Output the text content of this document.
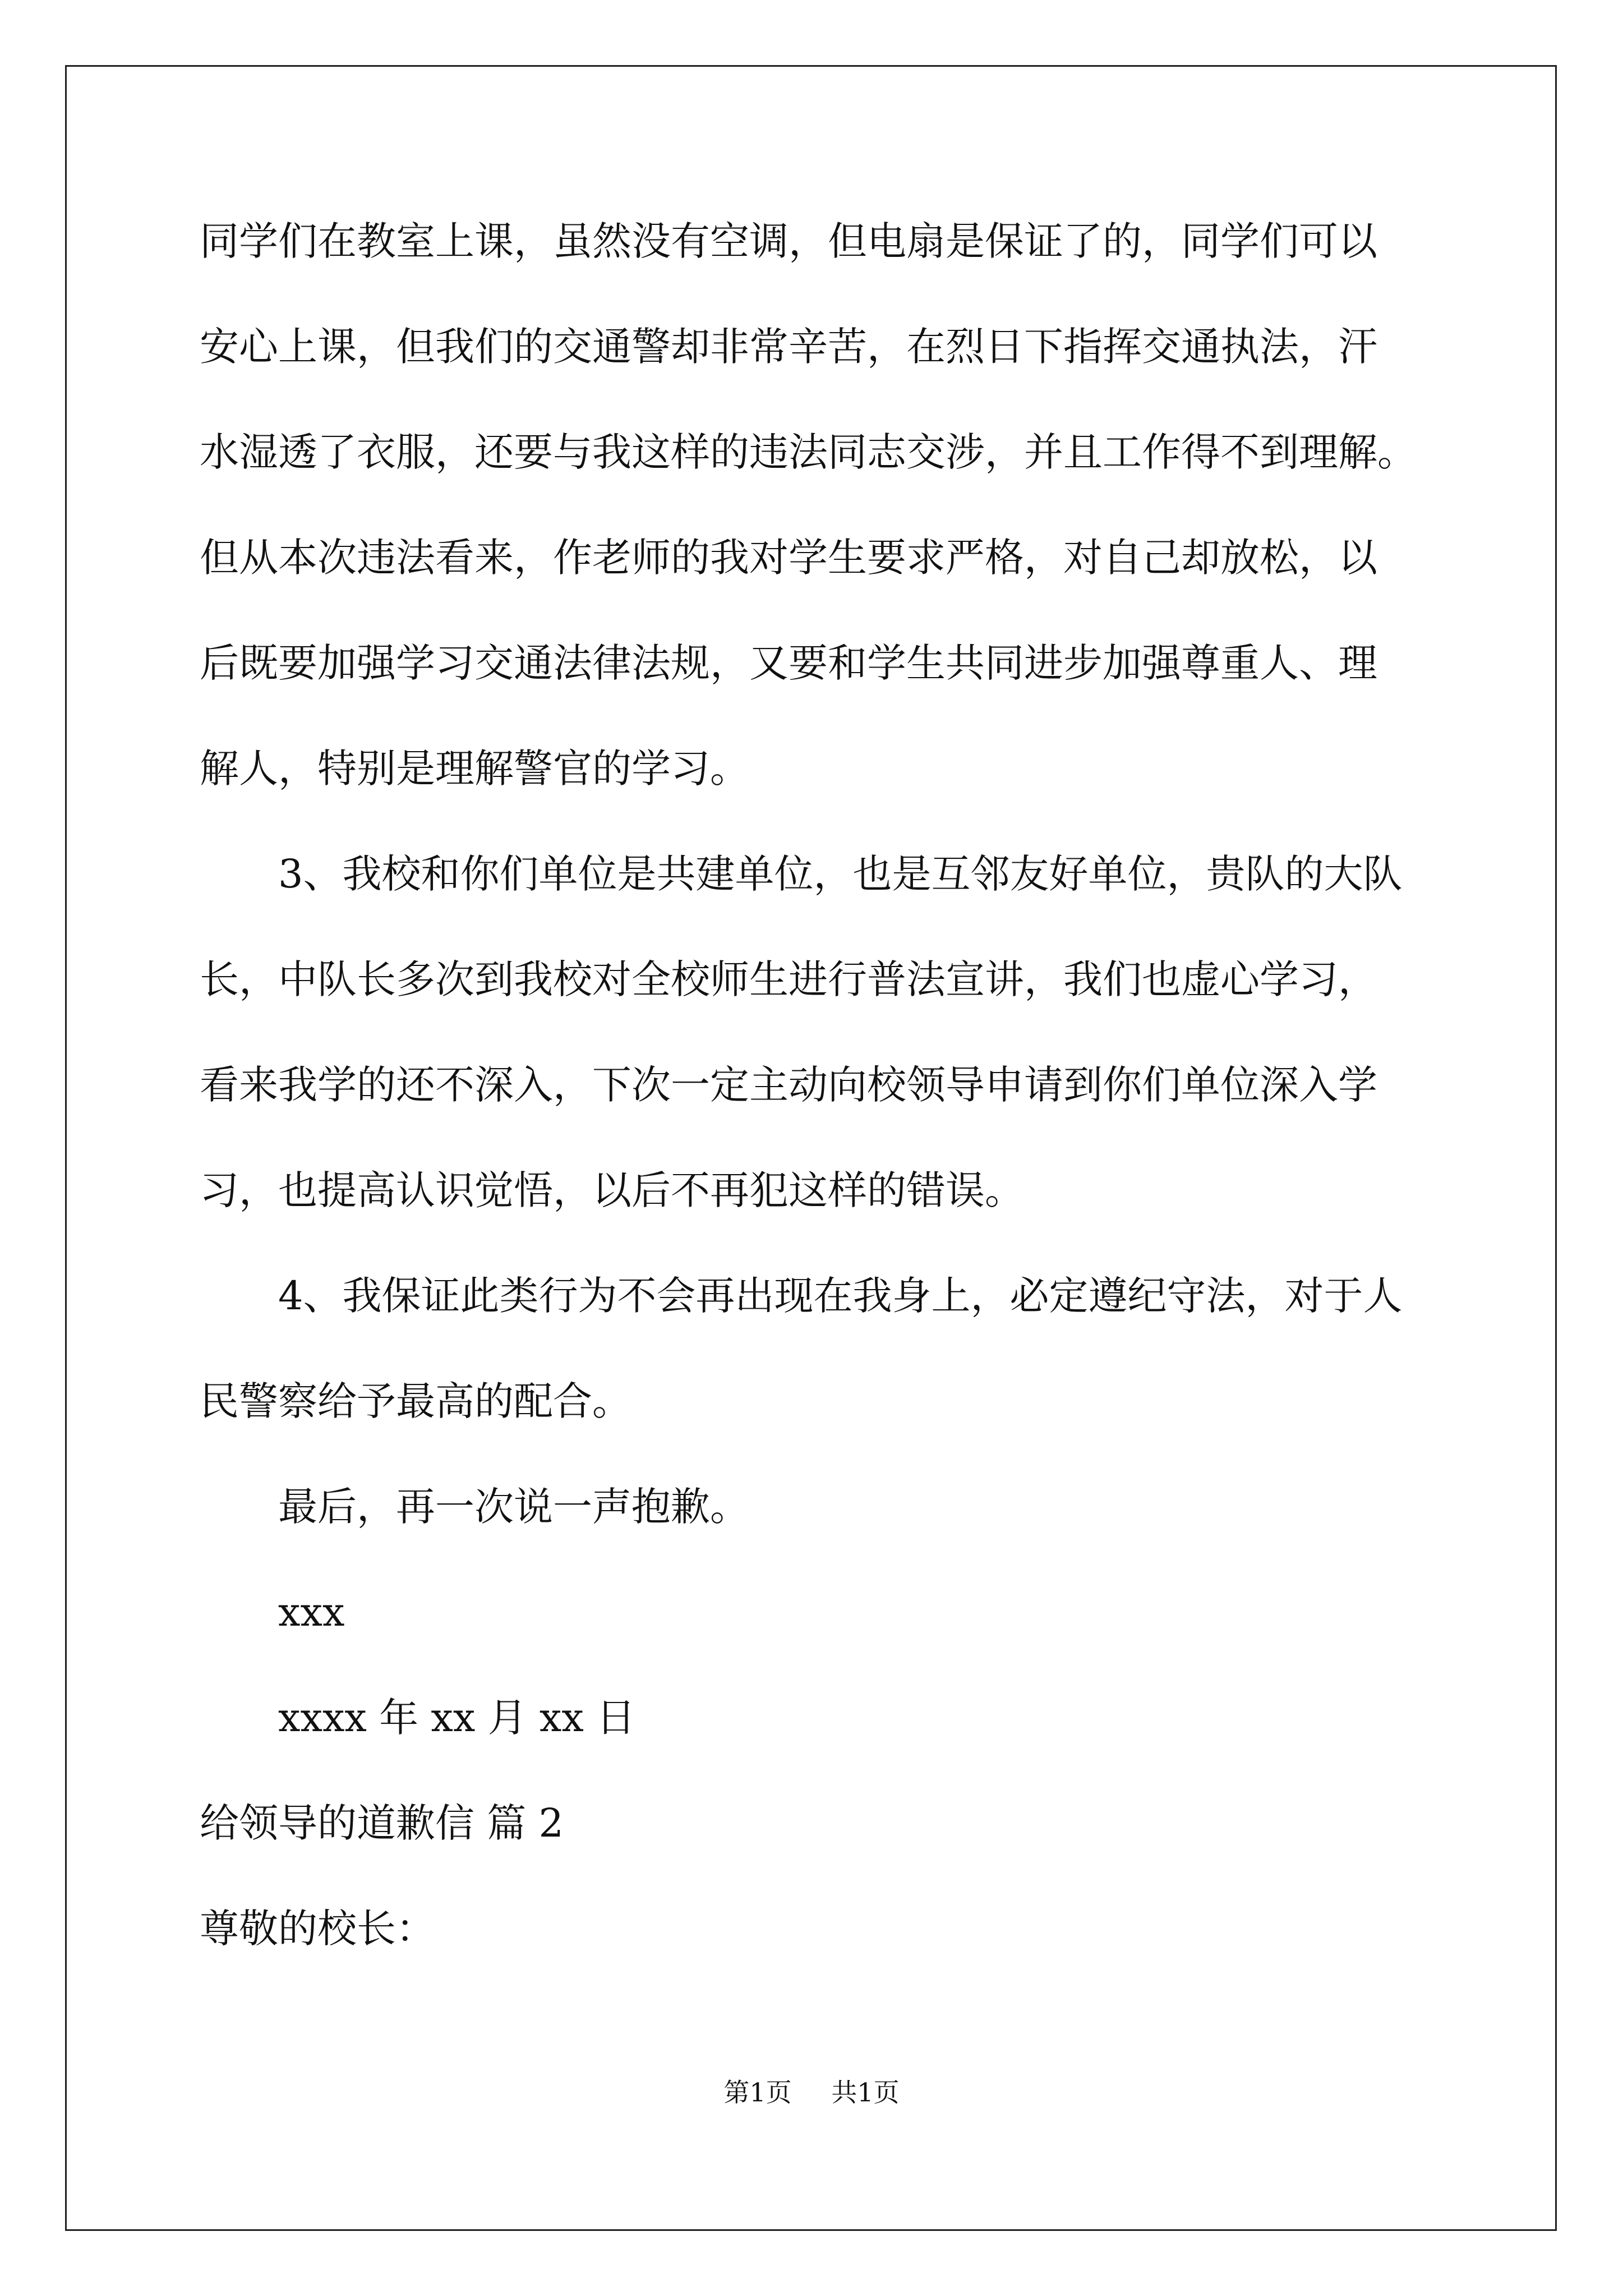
同学们在教室上课，虽然没有空调，但电扇是保证了的，同学们可以
安心上课，但我们的交通警却非常辛苦，在烈日下指挥交通执法，汗
水湿透了衣服，还要与我这样的违法同志交涉，并且工作得不到理解。
但从本次违法看来，作老师的我对学生要求严格，对自己却放松，以
后既要加强学习交通法律法规，又要和学生共同进步加强尊重人、理
解人，特别是理解警官的学习。
3、我校和你们单位是共建单位，也是互邻友好单位，贵队的大队
长，中队长多次到我校对全校师生进行普法宣讲，我们也虚心学习，
看来我学的还不深入，下次一定主动向校领导申请到你们单位深入学
习，也提高认识觉悟，以后不再犯这样的错误。
4、我保证此类行为不会再出现在我身上，必定遵纪守法，对于人
民警察给予最高的配合。
最后，再一次说一声抱歉。
xxx
xxxx 年 xx 月 xx 日
给领导的道歉信 篇 2
尊敬的校长：
第1页 共1页
